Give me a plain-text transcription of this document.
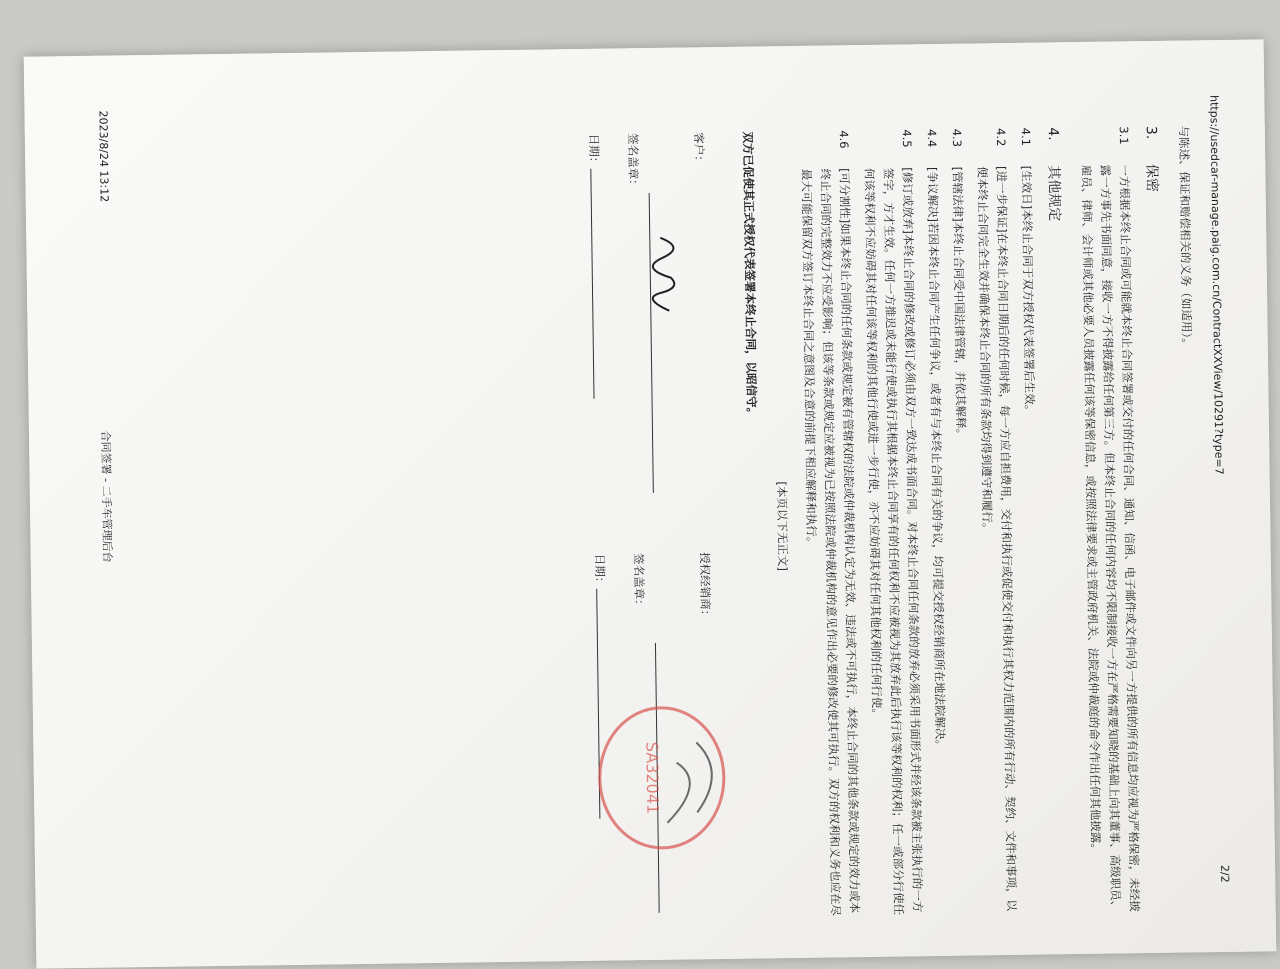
2023/8/24 13:12
合同签署 - 二手车管理后台
与陈述、保证和赔偿相关的义务（如适用）。
3.保密
3.1
一方根据本终止合同或可能就本终止合同签署或交付的任何合同、通知、信函、电子邮件或文件向另一方提供的所有信息均应视为严格保密，未经披露一方事先书面同意，接收一方不得披露给任何第三方。但本终止合同的任何内容均不限制接收一方在严格需要知晓的基础上向其董事、高级职员、雇员、律师、会计师或其他必要人员披露任何该等保密信息，或按照法律要求或主管政府机关、法院或仲裁庭的命令作出任何其他披露。
4.其他规定
4.1
[生效日]本终止合同于双方授权代表签署后生效。
4.2
[进一步保证]在本终止合同日期后的任何时候，每一方应自担费用，交付和执行或促使交付和执行其权力范围内的所有行动、契约、文件和事项，以便本终止合同完全生效并确保本终止合同的所有条款均得到遵守和履行。
4.3
[管辖法律]本终止合同受中国法律管辖，并依其解释。
4.4
[争议解决]若因本终止合同产生任何争议，或者有与本终止合同有关的争议，均可提交授权经销商所在地法院解决。
4.5
[修订或放弃]本终止合同的修改或修订必须由双方一致达成书面合同。对本终止合同任何条款的放弃必须采用书面形式并经该条款被主张执行的一方签字，方才生效。任何一方推迟或未能行使或执行其根据本终止合同享有的任何权利不应被视为其放弃此后执行该等权利的权利；任一或部分行使任何该等权利不应妨碍其对任何该等权利的其他行使或进一步行使，亦不应妨碍其对任何其他权利的任何行使。
4.6
[可分割性]如果本终止合同的任何条款或规定被有管辖权的法院或仲裁机构认定为无效、违法或不可执行，本终止合同的其他条款或规定的效力或本终止合同的完整效力不应受影响；但该等条款或规定应被视为已按照法院或仲裁机构的意见作出必要的修改使其可执行。双方的权利和义务也应在尽最大可能保留双方签订本终止合同之意图及合意的前提下相应解释和执行。
[本页以下无正文]
双方已促使其正式授权代表签署本终止合同，以昭信守。
客户：
签名盖章：
日期：
授权经销商：
签名盖章：
日期：
SA32041
https://usedcar-manage.paig.com.cn/ContractXXView/10291?type=7
2/2
